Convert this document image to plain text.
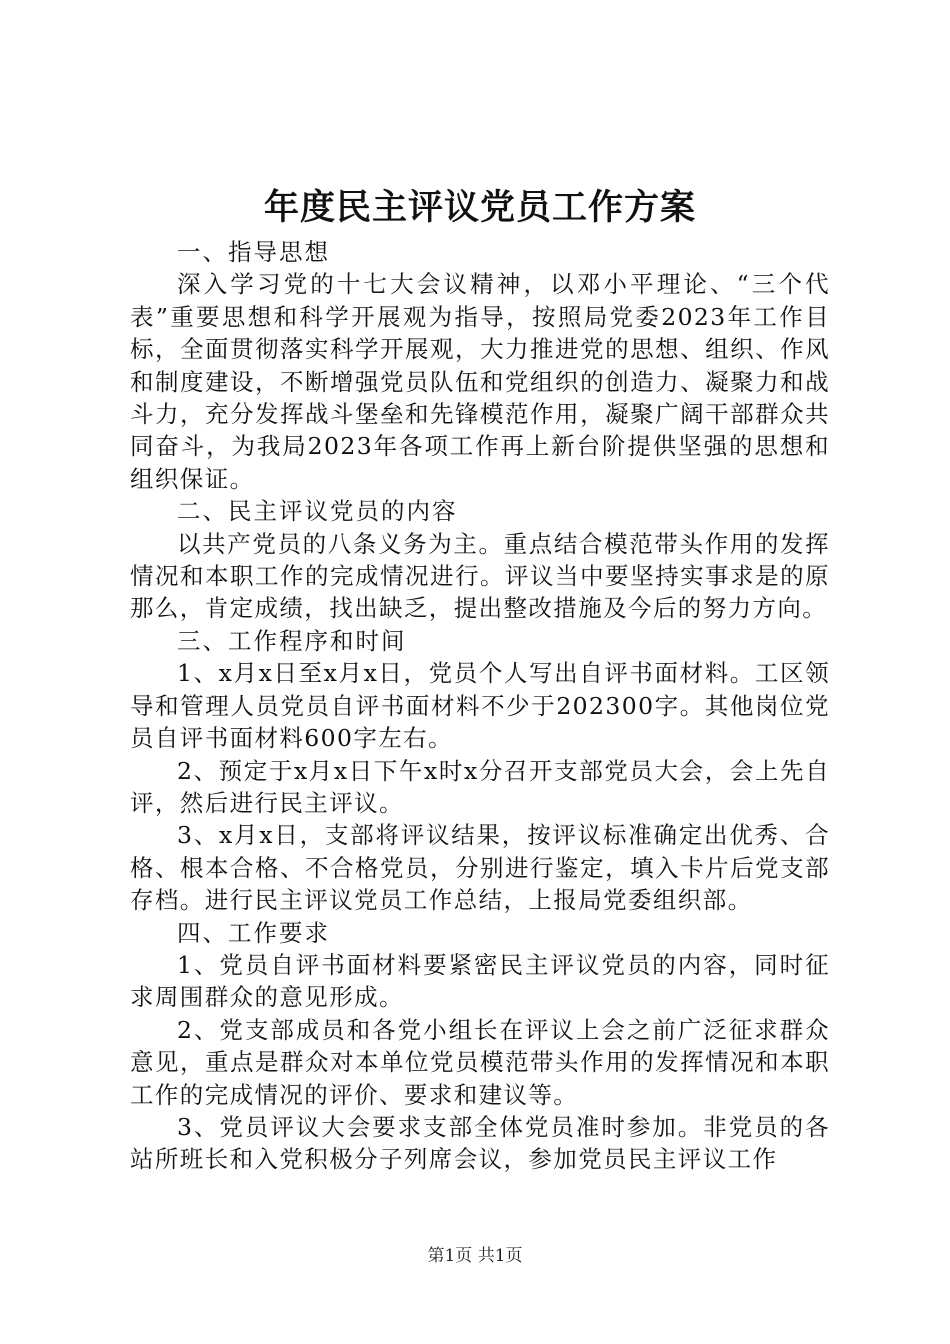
年度民主评议党员工作方案

一、指导思想

深入学习党的十七大会议精神，以邓小平理论、“三个代表”重要思想和科学开展观为指导，按照局党委2023年工作目标，全面贯彻落实科学开展观，大力推进党的思想、组织、作风和制度建设，不断增强党员队伍和党组织的创造力、凝聚力和战斗力，充分发挥战斗堡垒和先锋模范作用，凝聚广阔干部群众共同奋斗，为我局2023年各项工作再上新台阶提供坚强的思想和组织保证。

二、民主评议党员的内容

以共产党员的八条义务为主。重点结合模范带头作用的发挥情况和本职工作的完成情况进行。评议当中要坚持实事求是的原那么，肯定成绩，找出缺乏，提出整改措施及今后的努力方向。

三、工作程序和时间

1、x月x日至x月x日，党员个人写出自评书面材料。工区领导和管理人员党员自评书面材料不少于202300字。其他岗位党员自评书面材料600字左右。

2、预定于x月x日下午x时x分召开支部党员大会，会上先自评，然后进行民主评议。

3、x月x日，支部将评议结果，按评议标准确定出优秀、合格、根本合格、不合格党员，分别进行鉴定，填入卡片后党支部存档。进行民主评议党员工作总结，上报局党委组织部。

四、工作要求

1、党员自评书面材料要紧密民主评议党员的内容，同时征求周围群众的意见形成。

2、党支部成员和各党小组长在评议上会之前广泛征求群众意见，重点是群众对本单位党员模范带头作用的发挥情况和本职工作的完成情况的评价、要求和建议等。

3、党员评议大会要求支部全体党员准时参加。非党员的各站所班长和入党积极分子列席会议，参加党员民主评议工作

第1页 共1页
